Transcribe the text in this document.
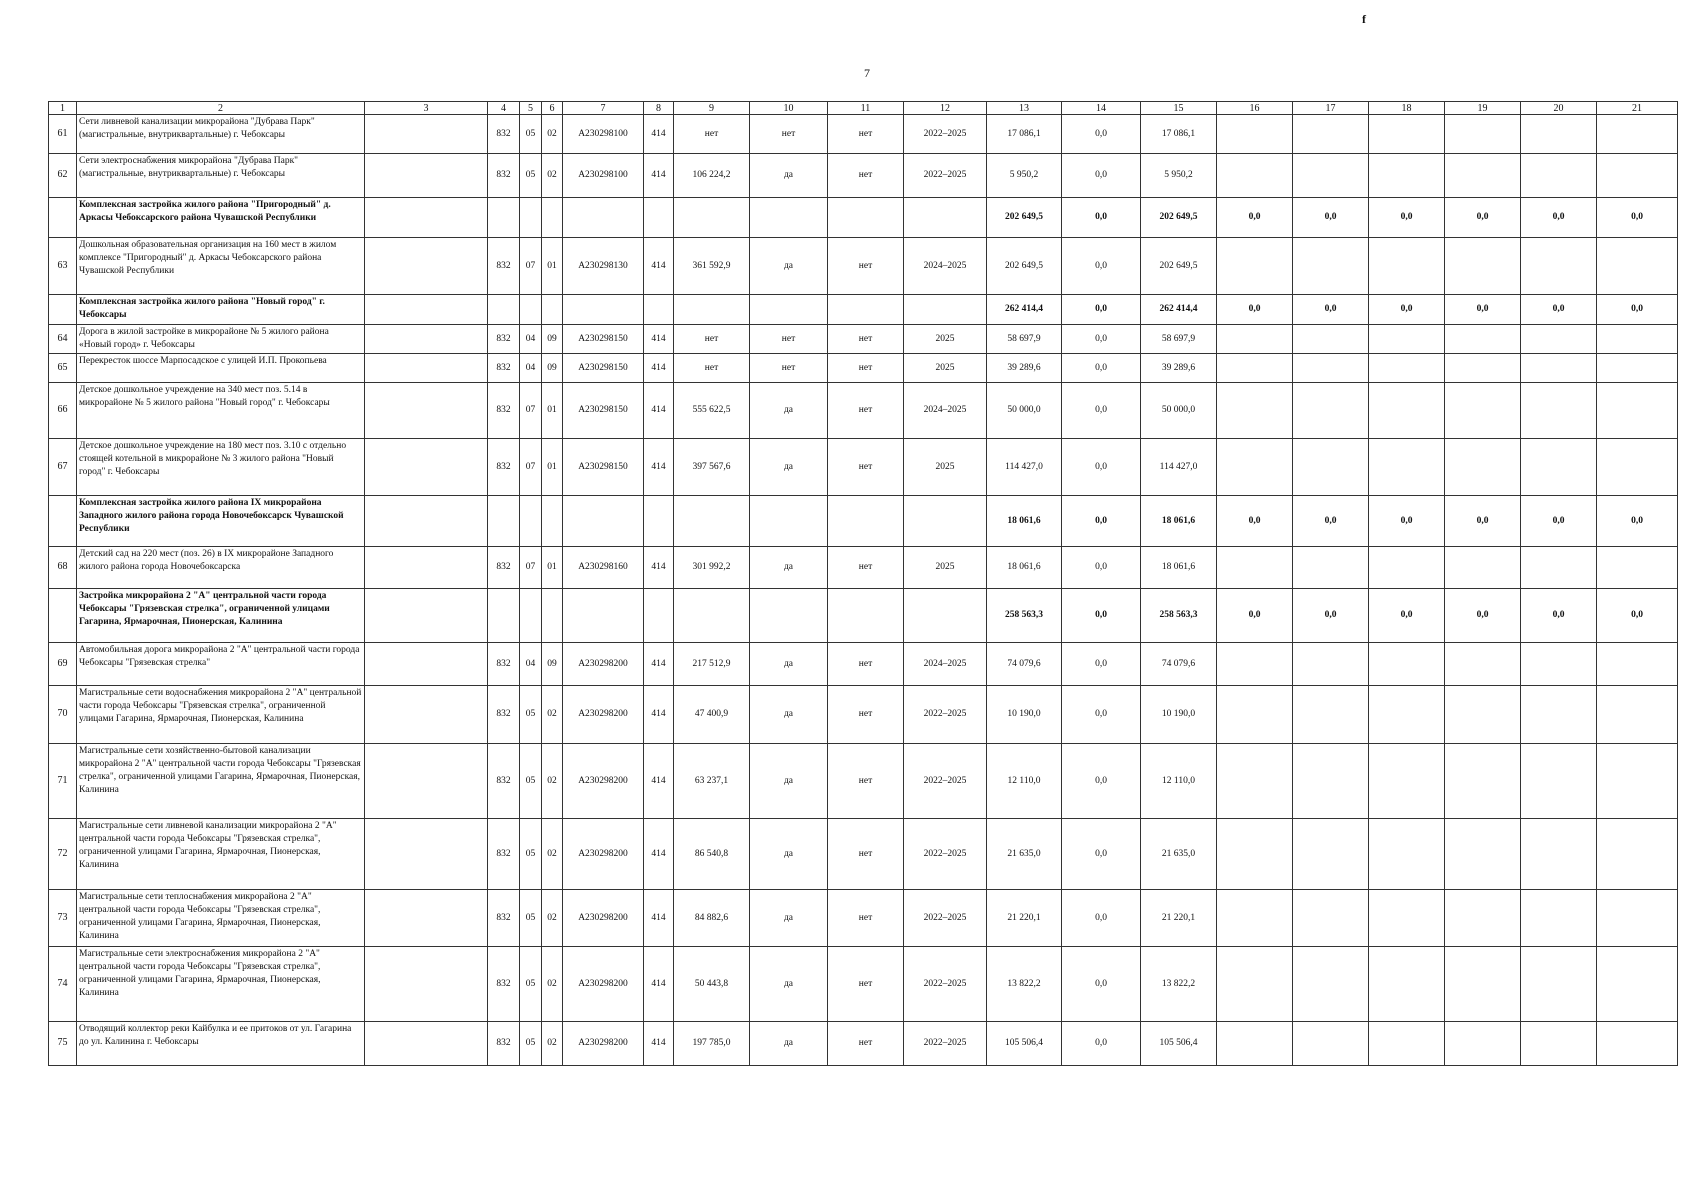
f
7
1	2	3	4	5	6	7	8	9	10	11	12	13	14	15	16	17	18	19	20	21
61	Сети ливневой канализации микрорайона "Дубрава Парк" (магистральные, внутриквартальные) г. Чебоксары		832	05	02	A230298100	414	нет	нет	нет	2022–2025	17 086,1	0,0	17 086,1						
62	Сети электроснабжения микрорайона "Дубрава Парк" (магистральные, внутриквартальные) г. Чебоксары		832	05	02	A230298100	414	106 224,2	да	нет	2022–2025	5 950,2	0,0	5 950,2						
	Комплексная застройка жилого района "Пригородный" д. Аркасы Чебоксарского района Чувашской Республики											202 649,5	0,0	202 649,5	0,0	0,0	0,0	0,0	0,0	0,0
63	Дошкольная образовательная организация на 160 мест в жилом комплексе "Пригородный" д. Аркасы Чебоксарского района Чувашской Республики		832	07	01	A230298130	414	361 592,9	да	нет	2024–2025	202 649,5	0,0	202 649,5						
	Комплексная застройка жилого района "Новый город" г. Чебоксары											262 414,4	0,0	262 414,4	0,0	0,0	0,0	0,0	0,0	0,0
64	Дорога в жилой застройке в микрорайоне № 5 жилого района «Новый город» г. Чебоксары		832	04	09	A230298150	414	нет	нет	нет	2025	58 697,9	0,0	58 697,9						
65	Перекресток шоссе Марпосадское с улицей И.П. Прокопьева		832	04	09	A230298150	414	нет	нет	нет	2025	39 289,6	0,0	39 289,6						
66	Детское дошкольное учреждение на 340 мест поз. 5.14 в микрорайоне № 5 жилого района "Новый город" г. Чебоксары		832	07	01	A230298150	414	555 622,5	да	нет	2024–2025	50 000,0	0,0	50 000,0						
67	Детское дошкольное учреждение на 180 мест поз. 3.10 с отдельно стоящей котельной в микрорайоне № 3 жилого района "Новый город" г. Чебоксары		832	07	01	A230298150	414	397 567,6	да	нет	2025	114 427,0	0,0	114 427,0						
	Комплексная застройка жилого района IX микрорайона Западного жилого района города Новочебоксарск Чувашской Республики											18 061,6	0,0	18 061,6	0,0	0,0	0,0	0,0	0,0	0,0
68	Детский сад на 220 мест (поз. 26) в IX микрорайоне Западного жилого района города Новочебоксарска		832	07	01	A230298160	414	301 992,2	да	нет	2025	18 061,6	0,0	18 061,6						
	Застройка микрорайона 2 "А" центральной части города Чебоксары "Грязевская стрелка", ограниченной улицами Гагарина, Ярмарочная, Пионерская, Калинина											258 563,3	0,0	258 563,3	0,0	0,0	0,0	0,0	0,0	0,0
69	Автомобильная дорога микрорайона 2 "А" центральной части города Чебоксары "Грязевская стрелка"		832	04	09	A230298200	414	217 512,9	да	нет	2024–2025	74 079,6	0,0	74 079,6						
70	Магистральные сети водоснабжения микрорайона 2 "А" центральной части города Чебоксары "Грязевская стрелка", ограниченной улицами Гагарина, Ярмарочная, Пионерская, Калинина		832	05	02	A230298200	414	47 400,9	да	нет	2022–2025	10 190,0	0,0	10 190,0						
71	Магистральные сети хозяйственно-бытовой канализации микрорайона 2 "А" центральной части города Чебоксары "Грязевская стрелка", ограниченной улицами Гагарина, Ярмарочная, Пионерская, Калинина		832	05	02	A230298200	414	63 237,1	да	нет	2022–2025	12 110,0	0,0	12 110,0						
72	Магистральные сети ливневой канализации микрорайона 2 "А" центральной части города Чебоксары "Грязевская стрелка", ограниченной улицами Гагарина, Ярмарочная, Пионерская, Калинина		832	05	02	A230298200	414	86 540,8	да	нет	2022–2025	21 635,0	0,0	21 635,0						
73	Магистральные сети теплоснабжения микрорайона 2 "А" центральной части города Чебоксары "Грязевская стрелка", ограниченной улицами Гагарина, Ярмарочная, Пионерская, Калинина		832	05	02	A230298200	414	84 882,6	да	нет	2022–2025	21 220,1	0,0	21 220,1						
74	Магистральные сети электроснабжения микрорайона 2 "А" центральной части города Чебоксары "Грязевская стрелка", ограниченной улицами Гагарина, Ярмарочная, Пионерская, Калинина		832	05	02	A230298200	414	50 443,8	да	нет	2022–2025	13 822,2	0,0	13 822,2						
75	Отводящий коллектор реки Кайбулка и ее притоков от ул. Гагарина до ул. Калинина г. Чебоксары		832	05	02	A230298200	414	197 785,0	да	нет	2022–2025	105 506,4	0,0	105 506,4						
